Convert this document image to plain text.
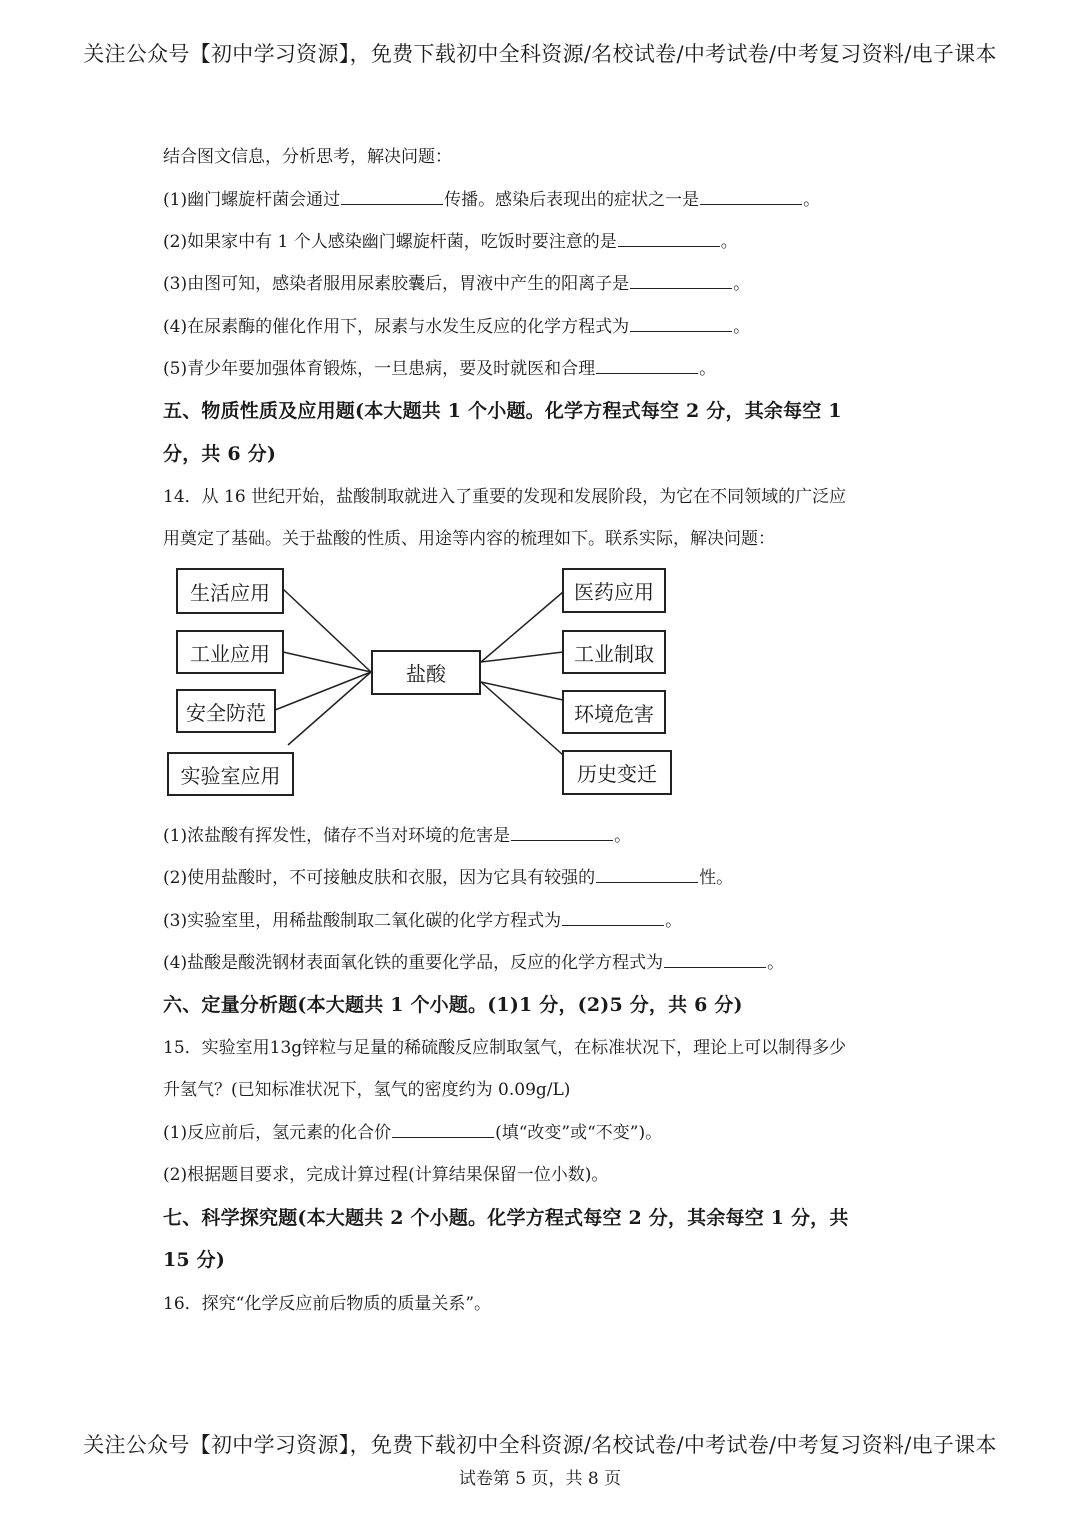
关注公众号【初中学习资源】，免费下载初中全科资源/名校试卷/中考试卷/中考复习资料/电子课本
结合图文信息，分析思考，解决问题：
(1)幽门螺旋杆菌会通过	传播。感染后表现出的症状之一是	。
(2)如果家中有 1 个人感染幽门螺旋杆菌，吃饭时要注意的是	。
(3)由图可知，感染者服用尿素胶囊后，胃液中产生的阳离子是	。
(4)在尿素酶的催化作用下，尿素与水发生反应的化学方程式为	。
(5)青少年要加强体育锻炼，一旦患病，要及时就医和合理	。
五、物质性质及应用题(本大题共 1 个小题。化学方程式每空 2 分，其余每空 1
分，共 6 分)
14．从 16 世纪开始，盐酸制取就进入了重要的发现和发展阶段，为它在不同领域的广泛应
用奠定了基础。关于盐酸的性质、用途等内容的梳理如下。联系实际，解决问题：
(1)浓盐酸有挥发性，储存不当对环境的危害是	。
(2)使用盐酸时，不可接触皮肤和衣服，因为它具有较强的	性。
(3)实验室里，用稀盐酸制取二氧化碳的化学方程式为	。
(4)盐酸是酸洗钢材表面氧化铁的重要化学品，反应的化学方程式为	。
六、定量分析题(本大题共 1 个小题。(1)1 分，(2)5 分，共 6 分)
15．实验室用13g锌粒与足量的稀硫酸反应制取氢气，在标准状况下，理论上可以制得多少
升氢气？(已知标准状况下，氢气的密度约为 0.09g/L)
(1)反应前后，氢元素的化合价	(填“改变”或“不变”)。
(2)根据题目要求，完成计算过程(计算结果保留一位小数)。
七、科学探究题(本大题共 2 个小题。化学方程式每空 2 分，其余每空 1 分，共
15 分)
16．探究“化学反应前后物质的质量关系”。
盐酸
生活应用
工业应用
安全防范
实验室应用
医药应用
工业制取
环境危害
历史变迁
关注公众号【初中学习资源】，免费下载初中全科资源/名校试卷/中考试卷/中考复习资料/电子课本
试卷第 5 页，共 8 页
